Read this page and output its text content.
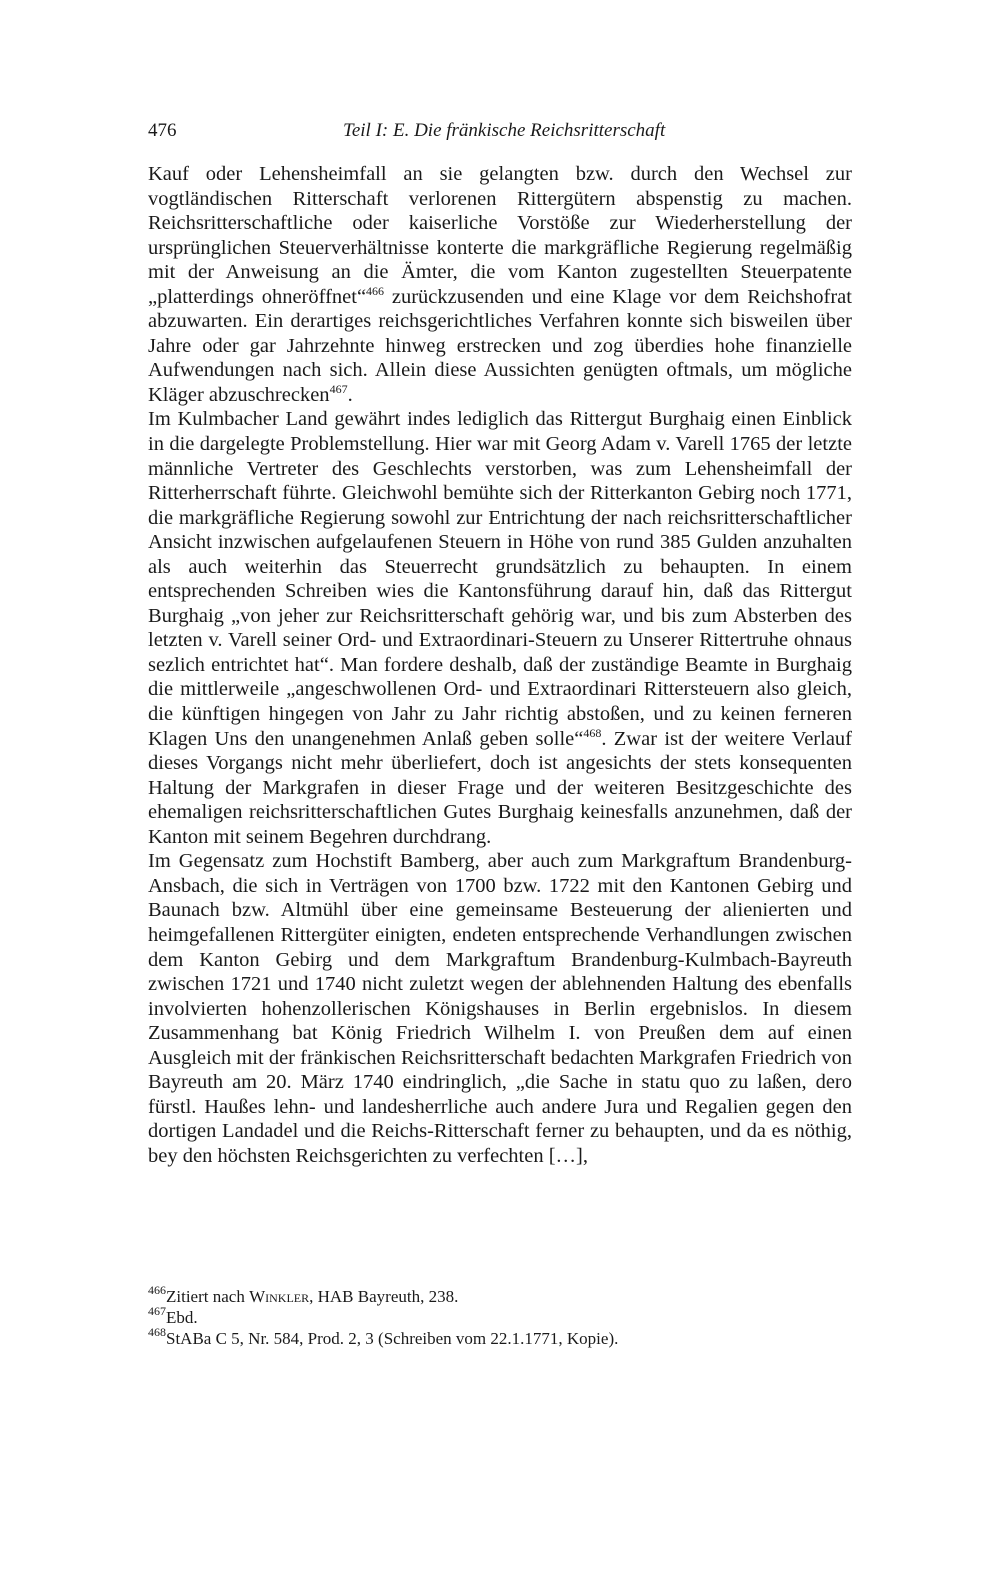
476	Teil I: E. Die fränkische Reichsritterschaft

Kauf oder Lehensheimfall an sie gelangten bzw. durch den Wechsel zur vogtländischen Ritterschaft verlorenen Rittergütern abspenstig zu machen. Reichsritterschaftliche oder kaiserliche Vorstöße zur Wiederherstellung der ursprünglichen Steuerverhältnisse konterte die markgräfliche Regierung regelmäßig mit der Anweisung an die Ämter, die vom Kanton zugestellten Steuerpatente „platterdings ohneröffnet“$^{466}$ zurückzusenden und eine Klage vor dem Reichshofrat abzuwarten. Ein derartiges reichsgerichtliches Verfahren konnte sich bisweilen über Jahre oder gar Jahrzehnte hinweg erstrecken und zog überdies hohe finanzielle Aufwendungen nach sich. Allein diese Aussichten genügten oftmals, um mögliche Kläger abzuschrecken$^{467}$.

Im Kulmbacher Land gewährt indes lediglich das Rittergut Burghaig einen Einblick in die dargelegte Problemstellung. Hier war mit Georg Adam v. Varell 1765 der letzte männliche Vertreter des Geschlechts verstorben, was zum Lehensheimfall der Ritterherrschaft führte. Gleichwohl bemühte sich der Ritterkanton Gebirg noch 1771, die markgräfliche Regierung sowohl zur Entrichtung der nach reichsritterschaftlicher Ansicht inzwischen aufgelaufenen Steuern in Höhe von rund 385 Gulden anzuhalten als auch weiterhin das Steuerrecht grundsätzlich zu behaupten. In einem entsprechenden Schreiben wies die Kantonsführung darauf hin, daß das Rittergut Burghaig „von jeher zur Reichsritterschaft gehörig war, und bis zum Absterben des letzten v. Varell seiner Ord- und Extraordinari-Steuern zu Unserer Rittertruhe ohnaus sezlich entrichtet hat“. Man fordere deshalb, daß der zuständige Beamte in Burghaig die mittlerweile „angeschwollenen Ord- und Extraordinari Rittersteuern also gleich, die künftigen hingegen von Jahr zu Jahr richtig abstoßen, und zu keinen ferneren Klagen Uns den unangenehmen Anlaß geben solle“$^{468}$. Zwar ist der weitere Verlauf dieses Vorgangs nicht mehr überliefert, doch ist angesichts der stets konsequenten Haltung der Markgrafen in dieser Frage und der weiteren Besitzgeschichte des ehemaligen reichsritterschaftlichen Gutes Burghaig keinesfalls anzunehmen, daß der Kanton mit seinem Begehren durchdrang.

Im Gegensatz zum Hochstift Bamberg, aber auch zum Markgraftum Brandenburg-Ansbach, die sich in Verträgen von 1700 bzw. 1722 mit den Kantonen Gebirg und Baunach bzw. Altmühl über eine gemeinsame Besteuerung der alienierten und heimgefallenen Rittergüter einigten, endeten entsprechende Verhandlungen zwischen dem Kanton Gebirg und dem Markgraftum Brandenburg-Kulmbach-Bayreuth zwischen 1721 und 1740 nicht zuletzt wegen der ablehnenden Haltung des ebenfalls involvierten hohenzollerischen Königshauses in Berlin ergebnislos. In diesem Zusammenhang bat König Friedrich Wilhelm I. von Preußen dem auf einen Ausgleich mit der fränkischen Reichsritterschaft bedachten Markgrafen Friedrich von Bayreuth am 20. März 1740 eindringlich, „die Sache in statu quo zu laßen, dero fürstl. Haußes lehn- und landesherrliche auch andere Jura und Regalien gegen den dortigen Landadel und die Reichs-Ritterschaft ferner zu behaupten, und da es nöthig, bey den höchsten Reichsgerichten zu verfechten […],

$^{466}$Zitiert nach Winkler, HAB Bayreuth, 238.

$^{467}$Ebd.

$^{468}$StABa C 5, Nr. 584, Prod. 2, 3 (Schreiben vom 22.1.1771, Kopie).
